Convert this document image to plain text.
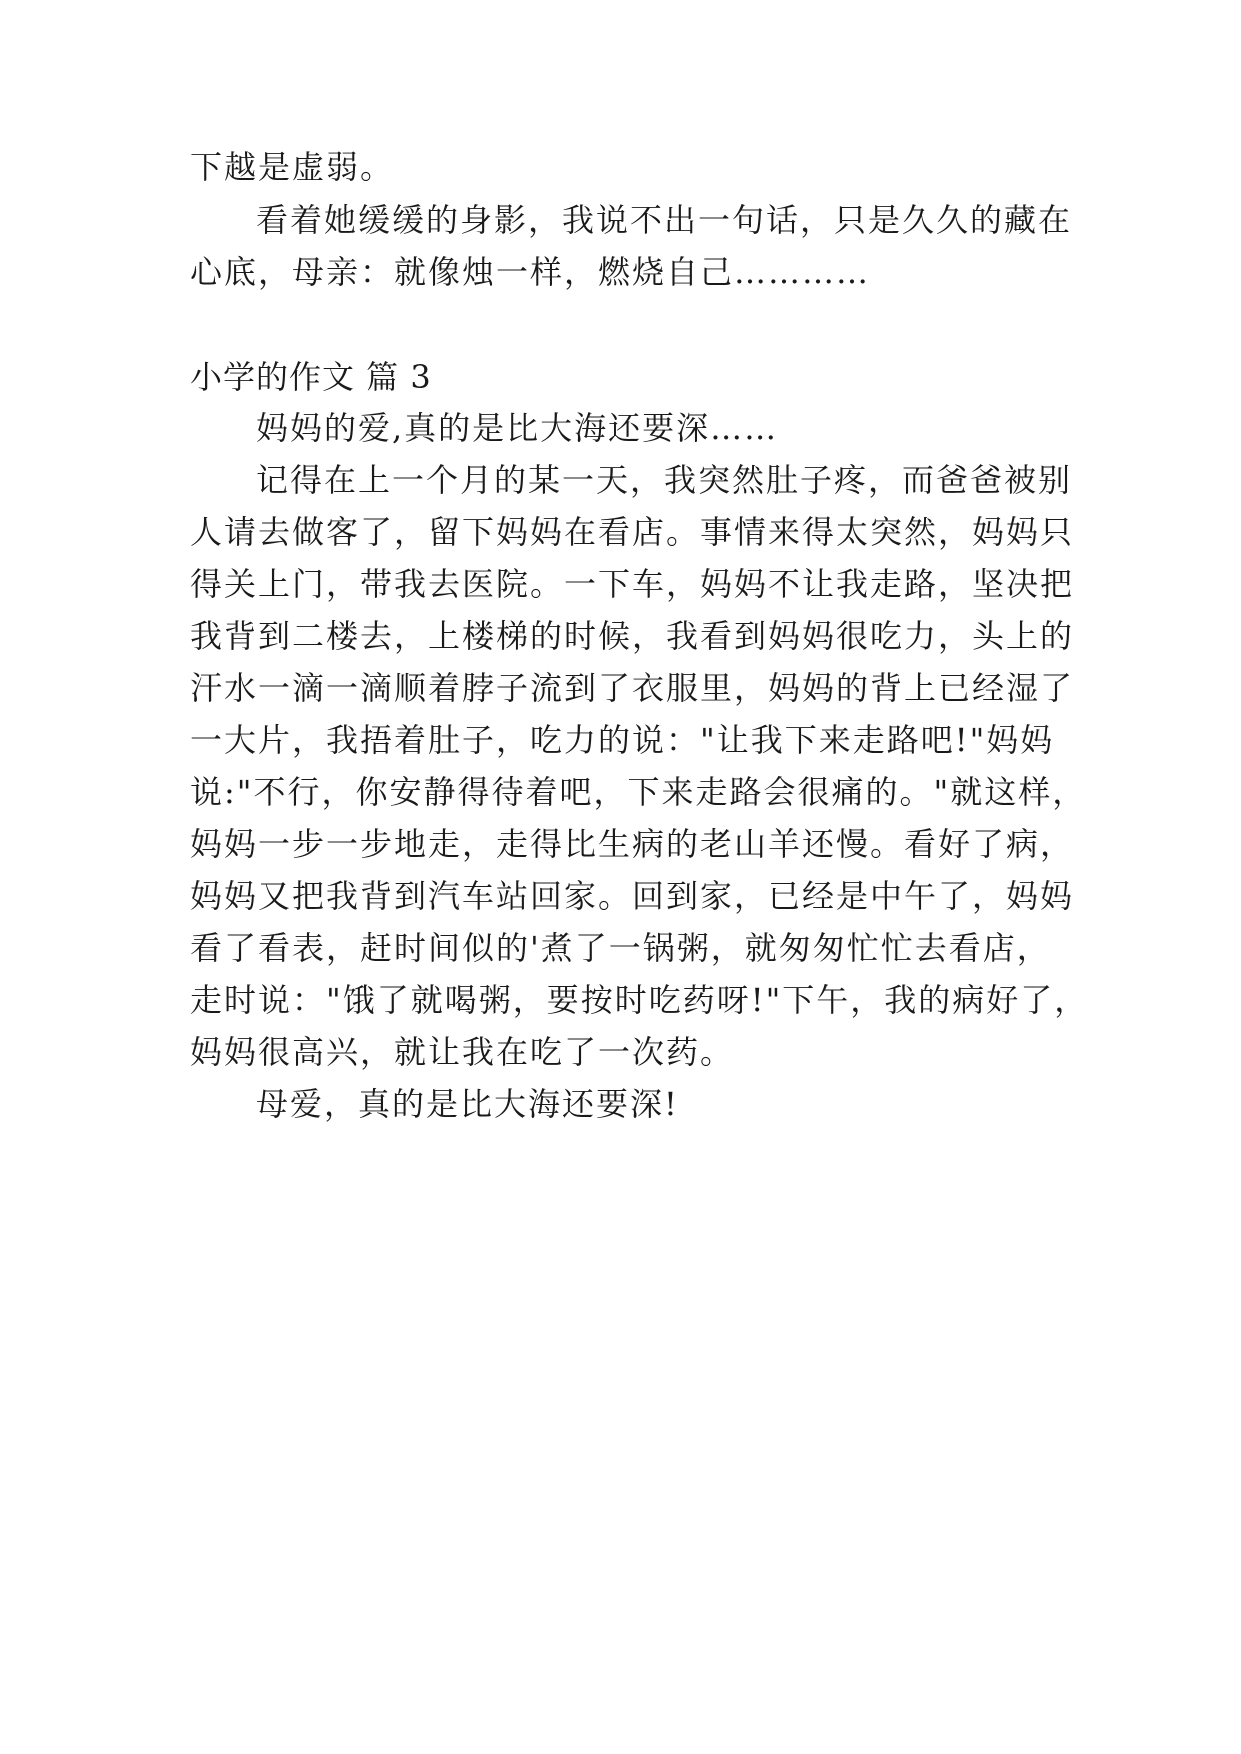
下越是虚弱。
看着她缓缓的身影，我说不出一句话，只是久久的藏在
心底，母亲：就像烛一样，燃烧自己…………
小学的作文 篇 3
妈妈的爱,真的是比大海还要深……
记得在上一个月的某一天，我突然肚子疼，而爸爸被别
人请去做客了，留下妈妈在看店。事情来得太突然，妈妈只
得关上门，带我去医院。一下车，妈妈不让我走路，坚决把
我背到二楼去，上楼梯的时候，我看到妈妈很吃力，头上的
汗水一滴一滴顺着脖子流到了衣服里，妈妈的背上已经湿了
一大片，我捂着肚子，吃力的说："让我下来走路吧!"妈妈
说:"不行，你安静得待着吧，下来走路会很痛的。"就这样，
妈妈一步一步地走，走得比生病的老山羊还慢。看好了病，
妈妈又把我背到汽车站回家。回到家，已经是中午了，妈妈
看了看表，赶时间似的'煮了一锅粥，就匆匆忙忙去看店，
走时说："饿了就喝粥，要按时吃药呀!"下午，我的病好了，
妈妈很高兴，就让我在吃了一次药。
母爱，真的是比大海还要深!
